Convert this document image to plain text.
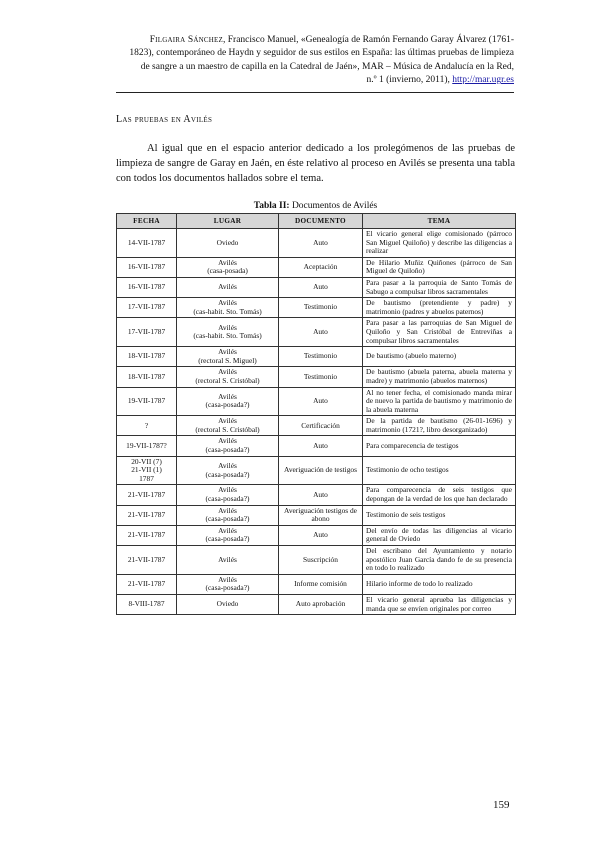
Filgaira Sánchez, Francisco Manuel, «Genealogía de Ramón Fernando Garay Álvarez (1761-
1823), contemporáneo de Haydn y seguidor de sus estilos en España: las últimas pruebas de limpieza
de sangre a un maestro de capilla en la Catedral de Jaén», MAR – Música de Andalucía en la Red,
n.º 1 (invierno, 2011), http://mar.ugr.es
Las pruebas en Avilés

Al igual que en el espacio anterior dedicado a los prolegómenos de las pruebas de limpieza de sangre de Garay en Jaén, en éste relativo al proceso en Avilés se presenta una tabla con todos los documentos hallados sobre el tema.

Tabla II: Documentos de Avilés
FECHA	LUGAR	DOCUMENTO	TEMA
14-VII-1787	Oviedo	Auto	El vicario general elige comisionado (párroco San Miguel Quiloño) y describe las diligencias a realizar
16-VII-1787	Avilés
(casa-posada)	Aceptación	De Hilario Muñiz Quiñones (párroco de San Miguel de Quiloño)
16-VII-1787	Avilés	Auto	Para pasar a la parroquia de Santo Tomás de Sabugo a compulsar libros sacramentales
17-VII-1787	Avilés
(cas-habit. Sto. Tomás)	Testimonio	De bautismo (pretendiente y padre) y matrimonio (padres y abuelos paternos)
17-VII-1787	Avilés
(cas-habit. Sto. Tomás)	Auto	Para pasar a las parroquias de San Miguel de Quiloño y San Cristóbal de Entreviñas a compulsar libros sacramentales
18-VII-1787	Avilés
(rectoral S. Miguel)	Testimonio	De bautismo (abuelo materno)
18-VII-1787	Avilés
(rectoral S. Cristóbal)	Testimonio	De bautismo (abuela paterna, abuela materna y madre) y matrimonio (abuelos maternos)
19-VII-1787	Avilés
(casa-posada?)	Auto	Al no tener fecha, el comisionado manda mirar de nuevo la partida de bautismo y matrimonio de la abuela materna
?	Avilés
(rectoral S. Cristóbal)	Certificación	De la partida de bautismo (26-01-1696) y matrimonio (1721?, libro desorganizado)
19-VII-1787?	Avilés
(casa-posada?)	Auto	Para comparecencia de testigos
20-VII (7)
21-VII (1)
1787	Avilés
(casa-posada?)	Averiguación de testigos	Testimonio de ocho testigos
21-VII-1787	Avilés
(casa-posada?)	Auto	Para comparecencia de seis testigos que depongan de la verdad de los que han declarado
21-VII-1787	Avilés
(casa-posada?)	Averiguación testigos de abono	Testimonio de seis testigos
21-VII-1787	Avilés
(casa-posada?)	Auto	Del envío de todas las diligencias al vicario general de Oviedo
21-VII-1787	Avilés	Suscripción	Del escribano del Ayuntamiento y notario apostólico Juan García dando fe de su presencia en todo lo realizado
21-VII-1787	Avilés
(casa-posada?)	Informe comisión	Hilario informe de todo lo realizado
8-VIII-1787	Oviedo	Auto aprobación	El vicario general aprueba las diligencias y manda que se envíen originales por correo
159
